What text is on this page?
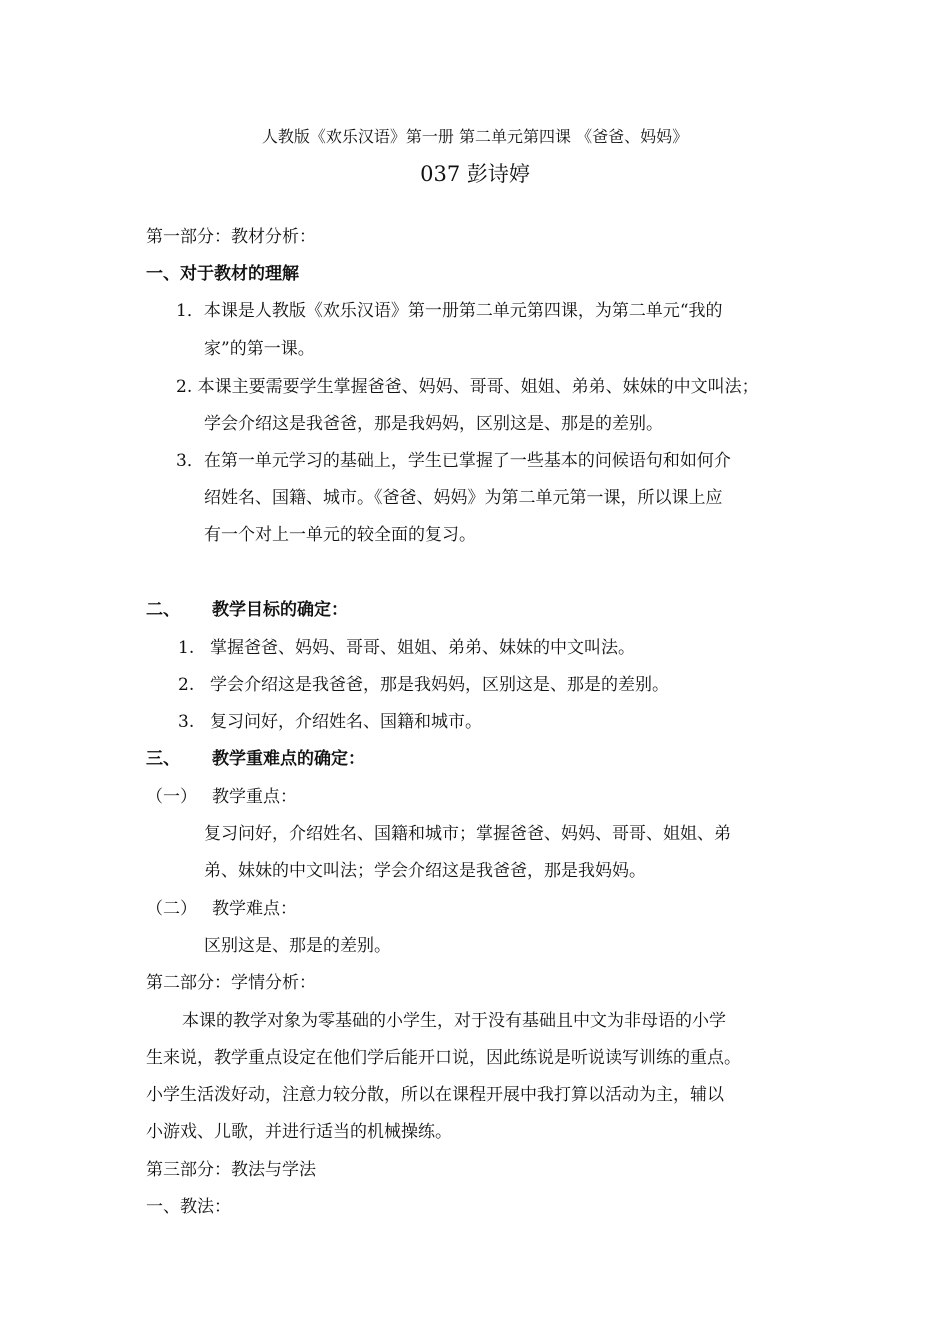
人教版《欢乐汉语》第一册 第二单元第四课 《爸爸、妈妈》
037 彭诗婷
第一部分：教材分析：
一、对于教材的理解
1．本课是人教版《欢乐汉语》第一册第二单元第四课，为第二单元“我的
家”的第一课。
2. 本课主要需要学生掌握爸爸、妈妈、哥哥、姐姐、弟弟、妹妹的中文叫法；
学会介绍这是我爸爸，那是我妈妈，区别这是、那是的差别。
3．在第一单元学习的基础上，学生已掌握了一些基本的问候语句和如何介
绍姓名、国籍、城市。《爸爸、妈妈》为第二单元第一课，所以课上应
有一个对上一单元的较全面的复习。
二、 教学目标的确定：
1. 掌握爸爸、妈妈、哥哥、姐姐、弟弟、妹妹的中文叫法。
2. 学会介绍这是我爸爸，那是我妈妈，区别这是、那是的差别。
3. 复习问好，介绍姓名、国籍和城市。
三、 教学重难点的确定：
（一） 教学重点：
复习问好，介绍姓名、国籍和城市；掌握爸爸、妈妈、哥哥、姐姐、弟
弟、妹妹的中文叫法；学会介绍这是我爸爸，那是我妈妈。
（二） 教学难点：
区别这是、那是的差别。
第二部分：学情分析：
本课的教学对象为零基础的小学生，对于没有基础且中文为非母语的小学
生来说，教学重点设定在他们学后能开口说，因此练说是听说读写训练的重点。
小学生活泼好动，注意力较分散，所以在课程开展中我打算以活动为主，辅以
小游戏、儿歌，并进行适当的机械操练。
第三部分：教法与学法
一、教法：
